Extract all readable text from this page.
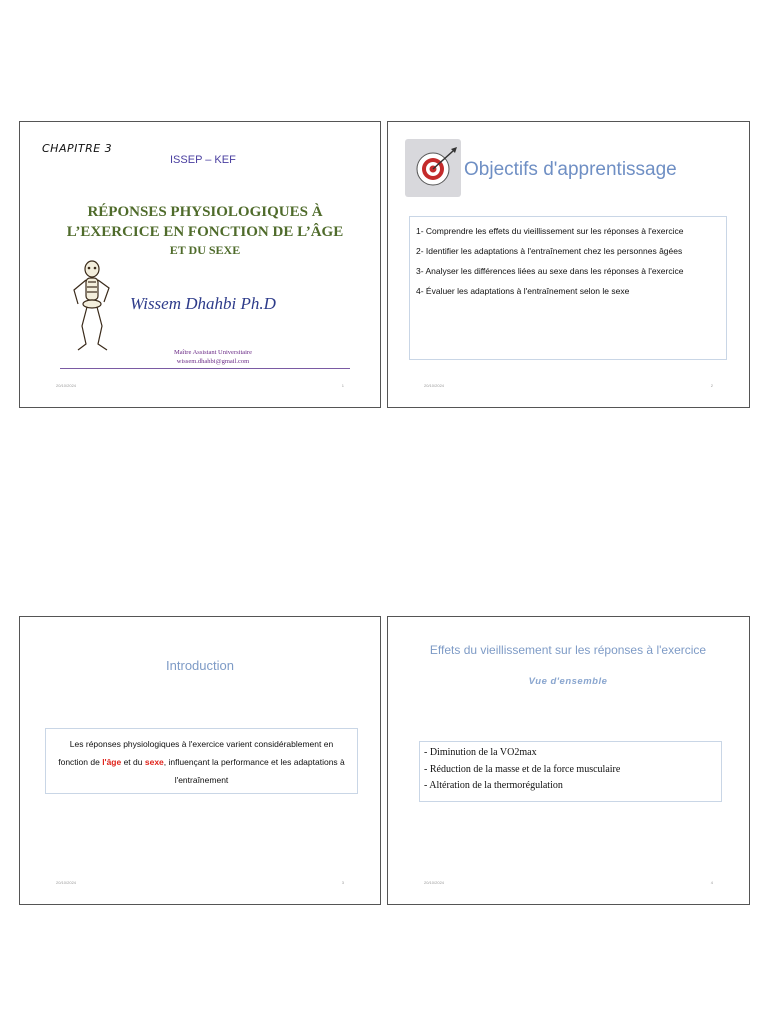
CHAPITRE 3
ISSEP – KEF
RÉPONSES PHYSIOLOGIQUES À
L’EXERCICE EN FONCTION DE L’ÂGE
ET DU SEXE
Wissem Dhahbi Ph.D
Maître Assistant Universitaire
wissem.dhahbi@gmail.com
20/10/2024	1
Objectifs d'apprentissage

1- Comprendre les effets du vieillissement sur les réponses à l'exercice

2- Identifier les adaptations à l'entraînement chez les personnes âgées

3- Analyser les différences liées au sexe dans les réponses à l'exercice

4- Évaluer les adaptations à l'entraînement selon le sexe

20/10/2024	2
Introduction
Les réponses physiologiques à l'exercice varient considérablement en fonction de l'âge et du sexe, influençant la performance et les adaptations à l'entraînement
20/10/2024	3
Effets du vieillissement sur les réponses à l'exercice
Vue d'ensemble
- Diminution de la VO2max
- Réduction de la masse et de la force musculaire
- Altération de la thermorégulation
20/10/2024	4
